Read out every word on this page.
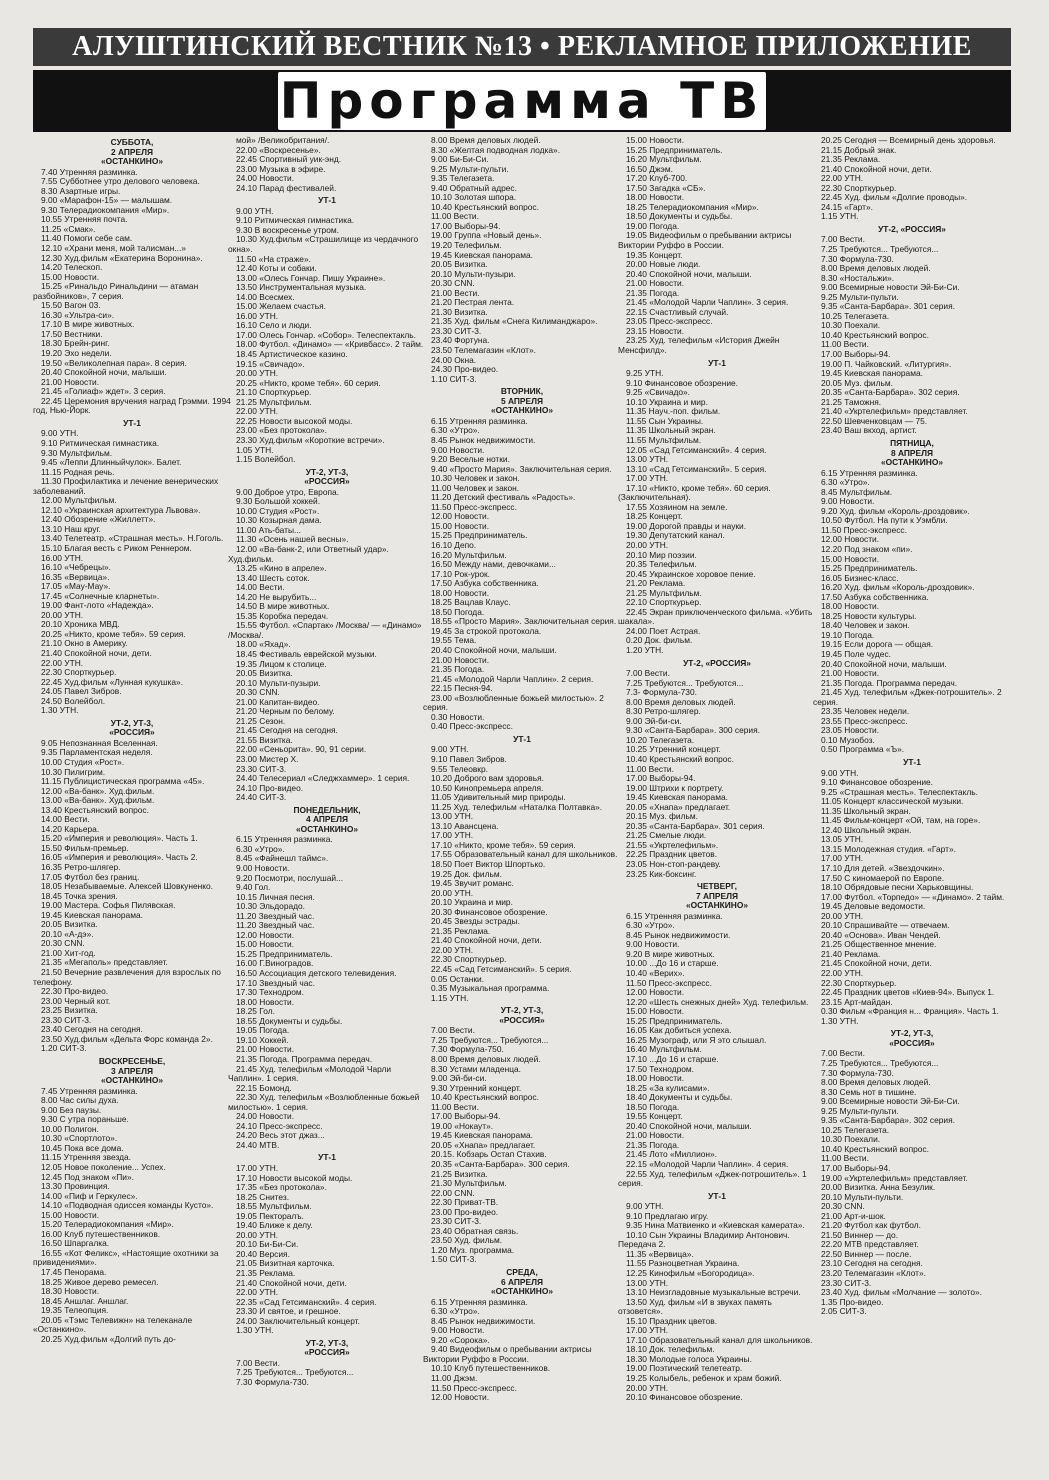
АЛУШТИНСКИЙ ВЕСТНИК №13 • РЕКЛАМНОЕ ПРИЛОЖЕНИЕ
Программа ТВ
СУББОТА,
2 АПРЕЛЯ
«ОСТАНКИНО»
7.40 Утренняя разминка.
7.55 Субботнее утро делового человека.
8.30 Азартные игры.
9.00 «Марафон-15» — малышам.
9.30 Телерадиокомпания «Мир».
10.55 Утренняя почта.
11.25 «Смак».
11.40 Помоги себе сам.
12.10 «Храни меня, мой талисман...»
12.30 Худ.фильм «Екатерина Воронина».
14.20 Телескоп.
15.00 Новости.
15.25 «Ринальдо Ринальдини — атаман разбойников», 7 серия.
15.50 Вагон 03.
16.30 «Ультра-си».
17.10 В мире животных.
17.50 Вестники.
18.30 Брейн-ринг.
19.20 Эхо недели.
19.50 «Великолепная пара». 8 серия.
20.40 Спокойной ночи, малыши.
21.00 Новости.
21.45 «Голиаф» ждет». 3 серия.
22.45 Церемония вручения наград Грэмми. 1994 год, Нью-Йорк.
УТ-1
9.00 УТН.
9.10 Ритмическая гимнастика.
9.30 Мультфильм.
9.45 «Леппи Длинныйчулок». Балет.
11.15 Родная речь.
11.30 Профилактика и лечение венерических заболеваний.
12.00 Мультфильм.
12.10 «Украинская архитектура Львова».
12.40 Обозрение «Жиллетт».
13.10 Наш круг.
13.40 Телетеатр. «Страшная месть». Н.Гоголь.
15.10 Благая весть с Риком Реннером.
16.00 УТН.
16.10 «Чебрецы».
16.35 «Вервица».
17.05 «Мау-Мау».
17.45 «Солнечные кларнеты».
19.00 Фант-лото «Надежда».
20.00 УТН.
20.10 Хроника МВД.
20.25 «Никто, кроме тебя». 59 серия.
21.10 Окно в Америку.
21.40 Спокойной ночи, дети.
22.00 УТН.
22.30 Спорткурьер.
22.45 Худ.фильм «Лунная кукушка».
24.05 Павел Зибров.
24.50 Волейбол.
1.30 УТН.
УТ-2, УТ-3,
«РОССИЯ»
9.05 Непознанная Вселенная.
9.35 Парламентская неделя.
10.00 Студия «Рост».
10.30 Пилигрим.
11.15 Публицистическая программа «45».
12.00 «Ва-банк». Худ.фильм.
13.00 «Ва-банк». Худ.фильм.
13.40 Крестьянский вопрос.
14.00 Вести.
14.20 Карьера.
15.20 «Империя и революция». Часть 1.
15.50 Фильм-премьер.
16.05 «Империя и революция». Часть 2.
16.35 Ретро-шлягер.
17.05 Футбол без границ.
18.05 Незабываемые. Алексей Шовкуненко.
18.45 Точка зрения.
19.00 Мастера. Софья Пилявская.
19.45 Киевская панорама.
20.05 Визитка.
20.10 «А-дэ».
20.30 CNN.
21.00 Хит-год.
21.35 «Мегаполь» представляет.
21.50 Вечерние развлечения для взрослых по телефону.
22.30 Про-видео.
23.00 Черный кот.
23.25 Визитка.
23.30 СИТ-3.
23.40 Сегодня на сегодня.
23.50 Худ.фильм «Дельта Форс команда 2».
1.20 СИТ-3.
ВОСКРЕСЕНЬЕ,
3 АПРЕЛЯ
«ОСТАНКИНО»
7.45 Утренняя разминка.
8.00 Час силы духа.
9.00 Без паузы.
9.30 С утра пораньше.
10.00 Полигон.
10.30 «Спортлото».
10.45 Пока все дома.
11.15 Утренняя звезда.
12.05 Новое поколение... Успех.
12.45 Под знаком «Пи».
13.30 Провинция.
14.00 «Пиф и Геркулес».
14.10 «Подводная одиссея команды Кусто».
15.00 Новости.
15.20 Телерадиокомпания «Мир».
16.00 Клуб путешественников.
16.50 Шпаргалка.
16.55 «Кот Феликс», «Настоящие охотники за привидениями».
17.45 Пенорама.
18.25 Живое дерево ремесел.
18.30 Новости.
18.45 Аншлаг. Аншлаг.
19.35 Телеопция.
20.05 «Тэмс Телевижн» на телеканале «Останкино».
20.25 Худ.фильм «Долгий путь до-
мой» /Великобритания/.
22.00 «Воскресенье».
22.45 Спортивный уик-энд.
23.00 Музыка в эфире.
24.00 Новости.
24.10 Парад фестивалей.
УТ-1
9.00 УТН.
9.10 Ритмическая гимнастика.
9.30 В воскресенье утром.
10.30 Худ.фильм «Страшилище из чердачного окна».
11.50 «На страже».
12.40 Коты и собаки.
13.00 «Олесь Гончар. Пишу Украине».
13.50 Инструментальная музыка.
14.00 Всесмех.
15.00 Желаем счастья.
16.00 УТН.
16.10 Село и люди.
17.00 Олесь Гончар. «Собор». Телеспектакль.
18.00 Футбол. «Динамо» — «Кривбасс». 2 тайм.
18.45 Артистическое казино.
19.15 «Свичадо».
20.00 УТН.
20.25 «Никто, кроме тебя». 60 серия.
21.10 Спорткурьер.
21.25 Мультфильм.
22.00 УТН.
22.25 Новости высокой моды.
23.00 «Без протокола».
23.30 Худ.фильм «Короткие встречи».
1.05 УТН.
1.15 Волейбол.
УТ-2, УТ-3,
«РОССИЯ»
9.00 Доброе утро, Европа.
9.30 Большой хоккей.
10.00 Студия «Рост».
10.30 Козырная дама.
11.00 Ать-баты...
11.30 «Осень нашей весны».
12.00 «Ва-банк-2, или Ответный удар». Худ.фильм.
13.25 «Кино в апреле».
13.40 Шесть соток.
14.00 Вести.
14.20 Не вырубить...
14.50 В мире животных.
15.35 Коробка передач.
15.55 Футбол. «Спартак» /Москва/ — «Динамо» /Москва/.
18.00 «Яхад».
18.45 Фестиваль еврейской музыки.
19.35 Лицом к столице.
20.05 Визитка.
20.10 Мульти-пузыри.
20.30 CNN.
21.00 Капитан-видео.
21.20 Черным по белому.
21.25 Сезон.
21.45 Сегодня на сегодня.
21.55 Визитка.
22.00 «Сеньорита». 90, 91 серии.
23.00 Мистер Х.
23.30 СИТ-3.
24.40 Телесериал «Следжхаммер». 1 серия.
24.10 Про-видео.
24.40 СИТ-3.
ПОНЕДЕЛЬНИК,
4 АПРЕЛЯ
«ОСТАНКИНО»
6.15 Утренняя разминка.
6.30 «Утро».
8.45 «Файнешл таймс».
9.00 Новости.
9.20 Посмотри, послушай...
9.40 Гол.
10.15 Личная песня.
10.30 Эльдорадо.
11.20 Звездный час.
11.20 Звездный час.
12.00 Новости.
15.00 Новости.
15.25 Предприниматель.
16.00 Г.Виноградов.
16.50 Ассоциация детского телевидения.
17.10 Звездный час.
17.30 Технодром.
18.00 Новости.
18.25 Гол.
18.55 Документы и судьбы.
19.05 Погода.
19.10 Хоккей.
21.00 Новости.
21.35 Погода. Программа передач.
21.45 Худ. телефильм «Молодой Чарли Чаплин». 1 серия.
22.15 Бомонд.
22.30 Худ. телефильм «Возлюбленные божьей милостью». 1 серия.
24.00 Новости.
24.10 Пресс-экспресс.
24.20 Весь этот джаз...
24.40 МТВ.
УТ-1
17.00 УТН.
17.10 Новости высокой моды.
17.35 «Без протокола».
18.25 Снитез.
18.55 Мультфильм.
19.05 Пекторалъ.
19.40 Ближе к делу.
20.00 УТН.
20.10 Би-Би-Си.
20.40 Версия.
21.05 Визитная карточка.
21.35 Реклама.
21.40 Спокойной ночи, дети.
22.00 УТН.
22.35 «Сад Гетсиманский». 4 серия.
23.30 И святое, и грешное.
24.00 Заключительный концерт.
1.30 УТН.
УТ-2, УТ-3,
«РОССИЯ»
7.00 Вести.
7.25 Требуются... Требуются...
7.30 Формула-730.
8.00 Время деловых людей.
8.30 «Желтая подводная лодка».
9.00 Би-Би-Си.
9.25 Мульти-пульти.
9.35 Телегазета.
9.40 Обратный адрес.
10.10 Золотая шпора.
10.40 Крестьянский вопрос.
11.00 Вести.
17.00 Выборы-94.
19.00 Группа «Новый день».
19.20 Телефильм.
19.45 Киевская панорама.
20.05 Визитка.
20.10 Мульти-пузыри.
20.30 CNN.
21.00 Вести.
21.20 Пестрая лента.
21.30 Визитка.
21.35 Худ. фильм «Снега Килиманджаро».
23.30 СИТ-3.
23.40 Фортуна.
23.50 Телемагазин «Клот».
24.00 Окна.
24.30 Про-видео.
1.10 СИТ-3.
ВТОРНИК,
5 АПРЕЛЯ
«ОСТАНКИНО»
6.15 Утренняя разминка.
6.30 «Утро».
8.45 Рынок недвижимости.
9.00 Новости.
9.20 Веселые нотки.
9.40 «Просто Мария». Заключительная серия.
10.30 Человек и закон.
11.00 Человек и закон.
11.20 Детский фестиваль «Радость».
11.50 Пресс-экспресс.
12.00 Новости.
15.00 Новости.
15.25 Предприниматель.
16.10 Депо.
16.20 Мультфильм.
16.50 Между нами, девочками...
17.10 Рок-урок.
17.50 Азбука собственника.
18.00 Новости.
18.25 Вацлав Клаус.
18.50 Погода.
18.55 «Просто Мария». Заключительная серия.
19.45 За строкой протокола.
19.55 Тема.
20.40 Спокойной ночи, малыши.
21.00 Новости.
21.35 Погода.
21.45 «Молодой Чарли Чаплин». 2 серия.
22.15 Песня-94.
23.00 «Возлюбленные божьей милостью». 2 серия.
0.30 Новости.
0.40 Пресс-экспресс.
УТ-1
9.00 УТН.
9.10 Павел Зибров.
9.55 Телеовкр.
10.20 Доброго вам здоровья.
10.50 Кинопремьера апреля.
11.05 Удивительный мир природы.
11.25 Худ. телефильм «Наталка Полтавка».
13.00 УТН.
13.10 Авансцена.
17.00 УТН.
17.10 «Никто, кроме тебя». 59 серия.
17.55 Образовательный канал для школьников.
18.50 Поет Виктор Шпортько.
19.25 Док. фильм.
19.45 Звучит романс.
20.00 УТН.
20.10 Украина и мир.
20.30 Финансовое обозрение.
20.45 Звезды эстрады.
21.35 Реклама.
21.40 Спокойной ночи, дети.
22.00 УТН.
22.30 Спорткурьер.
22.45 «Сад Гетсиманский». 5 серия.
0.05 Останки.
0.35 Музыкальная программа.
1.15 УТН.
УТ-2, УТ-3,
«РОССИЯ»
7.00 Вести.
7.25 Требуются... Требуются...
7.30 Формула-750.
8.00 Время деловых людей.
8.30 Устами младенца.
9.00 Эй-би-си.
9.30 Утренний концерт.
10.40 Крестьянский вопрос.
11.00 Вести.
17.00 Выборы-94.
19.00 «Нокаут».
19.45 Киевская панорама.
20.05 «Хнапа» предлагает.
20.15. Кобзарь Остап Стахив.
20.35 «Санта-Барбара». 300 серия.
21.25 Визитка.
21.30 Мультфильм.
22.00 CNN.
22.30 Приват-ТВ.
23.00 Про-видео.
23.30 СИТ-3.
23.40 Обратная связь.
23.50 Худ. фильм.
1.20 Муз. программа.
1.50 СИТ-3.
СРЕДА,
6 АПРЕЛЯ
«ОСТАНКИНО»
6.15 Утренняя разминка.
6.30 «Утро».
8.45 Рынок недвижимости.
9.00 Новости.
9.20 «Сорока».
9.40 Видеофильм о пребывании актрисы Виктории Руффо в России.
10.10 Клуб путешественников.
11.00 Джэм.
11.50 Пресс-экспресс.
12.00 Новости.
15.00 Новости.
15.25 Предприниматель.
16.20 Мультфильм.
16.50 Джэм.
17.20 Клуб-700.
17.50 Загадка «СБ».
18.00 Новости.
18.25 Телерадиокомпания «Мир».
18.50 Документы и судьбы.
19.00 Погода.
19.05 Видеофильм о пребывании актрисы Виктории Руффо в России.
19.35 Концерт.
20.00 Новые люди.
20.40 Спокойной ночи, малыши.
21.00 Новости.
21.35 Погода.
21.45 «Молодой Чарли Чаплин». 3 серия.
22.15 Счастливый случай.
23.05 Пресс-экспресс.
23.15 Новости.
23.25 Худ. телефильм «История Джейн Менсфилд».
УТ-1
9.25 УТН.
9.10 Финансовое обозрение.
9.25 «Свичадо».
10.10 Украина и мир.
11.35 Науч.-поп. фильм.
11.55 Сын Украины.
11.35 Школьный экран.
11.55 Мультфильм.
12.05 «Сад Гетсиманский». 4 серия.
13.00 УТН.
13.10 «Сад Гетсиманский». 5 серия.
17.00 УТН.
17.10 «Никто, кроме тебя». 60 серия. (Заключительная).
17.55 Хозяином на земле.
18.25 Концерт.
19.00 Дорогой правды и науки.
19.30 Депутатский канал.
20.00 УТН.
20.10 Мир поэзии.
20.35 Телефильм.
20.45 Украинское хоровое пение.
21.20 Реклама.
21.25 Мультфильм.
22.10 Спорткурьер.
22.45 Экран приключенческого фильма. «Убить шакала».
24.00 Поет Астрая.
0.20 Док. фильм.
1.20 УТН.
УТ-2, «РОССИЯ»
7.00 Вести.
7.25 Требуются... Требуются...
7.3- Формула-730.
8.00 Время деловых людей.
8.30 Ретро-шлягер.
9.00 Эй-би-си.
9.30 «Санта-Барбара». 300 серия.
10.20 Телегазета.
10.25 Утренний концерт.
10.40 Крестьянский вопрос.
11.00 Вести.
17.00 Выборы-94.
19.00 Штрихи к портрету.
19.45 Киевская панорама.
20.05 «Хнапа» предлагает.
20.15 Муз. фильм.
20.35 «Санта-Барбара». 301 серия.
21.25 Смелые люди.
21.55 «Укртелефильм».
22.25 Праздник цветов.
23.05 Нон-стоп-рандеву.
23.25 Кик-боксинг.
ЧЕТВЕРГ,
7 АПРЕЛЯ
«ОСТАНКИНО»
6.15 Утренняя разминка.
6.30 «Утро».
8.45 Рынок недвижимости.
9.00 Новости.
9.20 В мире животных.
10.00 ...До 16 и старше.
10.40 «Верих».
11.50 Пресс-экспресс.
12.00 Новости.
12.20 «Шесть снежных дней» Худ. телефильм.
15.00 Новости.
15.25 Предприниматель.
16.05 Как добиться успеха.
16.25 Музограф, или Я это слышал.
16.40 Мультфильм.
17.10 ...До 16 и старше.
17.50 Технодром.
18.00 Новости.
18.25 «За кулисами».
18.40 Документы и судьбы.
18.50 Погода.
19.55 Концерт.
20.40 Спокойной ночи, малыши.
21.00 Новости.
21.35 Погода.
21.45 Лото «Миллион».
22.15 «Молодой Чарли Чаплин». 4 серия.
22.55 Худ. телефильм «Джек-потрошитель». 1 серия.
УТ-1
9.00 УТН.
9.10 Предлагаю игру.
9.35 Нина Матвиенко и «Киевская камерата».
10.10 Сын Украины Владимир Антонович. Передача 2.
11.35 «Вервица».
11.55 Разноцветная Украина.
12.25 Кинофильм «Богородица».
13.00 УТН.
13.10 Неизгладовные музыкальные встречи.
13.50 Худ. фильм «И в звуках память отзовется».
15.10 Праздник цветов.
17.00 УТН.
17.10 Образовательный канал для школьников.
18.10 Док. телефильм.
18.30 Молодые голоса Украины.
19.00 Поэтический телетеатр.
19.25 Колыбель, ребенок и храм божий.
20.00 УТН.
20.10 Финансовое обозрение.
20.25 Сегодня — Всемирный день здоровья.
21.15 Добрый знак.
21.35 Реклама.
21.40 Спокойной ночи, дети.
22.00 УТН.
22.30 Спорткурьер.
22.45 Худ. фильм «Долгие проводы».
24.15 «Гарт».
1.15 УТН.
УТ-2, «РОССИЯ»
7.00 Вести.
7.25 Требуются... Требуются...
7.30 Формула-730.
8.00 Время деловых людей.
8.30 «Ностальжи».
9.00 Всемирные новости Эй-Би-Си.
9.25 Мульти-пульти.
9.35 «Санта-Барбара». 301 серия.
10.25 Телегазета.
10.30 Поехали.
10.40 Крестьянский вопрос.
11.00 Вести.
17.00 Выборы-94.
19.00 П. Чайковский. «Литургия».
19.45 Киевская панорама.
20.05 Муз. фильм.
20.35 «Санта-Барбара». 302 серия.
21.25 Таможня.
21.40 «Укртелефильм» представляет.
22.50 Шевченковцам — 75.
23.40 Ваш вкход, артист.
ПЯТНИЦА,
8 АПРЕЛЯ
«ОСТАНКИНО»
6.15 Утренняя разминка.
6.30 «Утро».
8.45 Мультфильм.
9.00 Новости.
9.20 Худ. фильм «Король-дроздовик».
10.50 Футбол. На пути к Уэмбли.
11.50 Пресс-экспресс.
12.00 Новости.
12.20 Под знаком «пи».
15.00 Новости.
15.25 Предприниматель.
16.05 Бизнес-класс.
16.20 Худ. фильм «Король-дроздовик».
17.50 Азбука собственника.
18.00 Новости.
18.25 Новости культуры.
18.40 Человек и закон.
19.10 Погода.
19.15 Если дорога — общая.
19.45 Поле чудес.
20.40 Спокойной ночи, малыши.
21.00 Новости.
21.35 Погода. Программа передач.
21.45 Худ. телефильм «Джек-потрошитель». 2 серия.
23.35 Человек недели.
23.55 Пресс-экспресс.
23.05 Новости.
0.10 Музобоз.
0.50 Программа «Ъ».
УТ-1
9.00 УТН.
9.10 Финансовое обозрение.
9.25 «Страшная месть». Телеспектакль.
11.05 Концерт классической музыки.
11.35 Школьный экран.
11.45 Фильм-концерт «Ой, там, на горе».
12.40 Школьный экран.
13.05 УТН.
13.15 Молодежная студия. «Гарт».
17.00 УТН.
17.10 Для детей. «Звездочкин».
17.50 С киномаерой по Европе.
18.10 Обрядовые песни Харьковщины.
17.00 Футбол. «Торпедо» — «Динамо». 2 тайм.
19.45 Деловые ведомости.
20.00 УТН.
20.10 Спрашивайте — отвечаем.
20.40 «Основа». Иван Чендей.
21.25 Общественное мнение.
21.40 Реклама.
21.45 Спокойной ночи, дети.
22.00 УТН.
22.30 Спорткурьер.
22.45 Праздник цветов «Киев-94». Выпуск 1.
23.15 Арт-майдан.
0.30 Фильм «Франция н... Франция». Часть 1.
1.30 УТН.
УТ-2, УТ-3,
«РОССИЯ»
7.00 Вести.
7.25 Требуются... Требуются...
7.30 Формула-730.
8.00 Время деловых людей.
8.30 Семь нот в тишине.
9.00 Всемирные новости Эй-Би-Си.
9.25 Мульти-пульти.
9.35 «Санта-Барбара». 302 серия.
10.25 Телегазета.
10.30 Поехали.
10.40 Крестьянский вопрос.
11.00 Вести.
17.00 Выборы-94.
19.00 «Укртелефильм» представляет.
20.00 Визитка. Анна Безулик.
20.10 Мульти-пульти.
20.30 CNN.
21.00 Арт-и-шок.
21.20 Футбол как футбол.
21.50 Виннер — до.
22.20 МТВ представляет.
22.50 Виннер — после.
23.10 Сегодня на сегодня.
23.20 Телемагазин «Клот».
23.30 СИТ-3.
23.40 Худ. фильм «Молчание — золото».
1.35 Про-видео.
2.05 СИТ-3.
